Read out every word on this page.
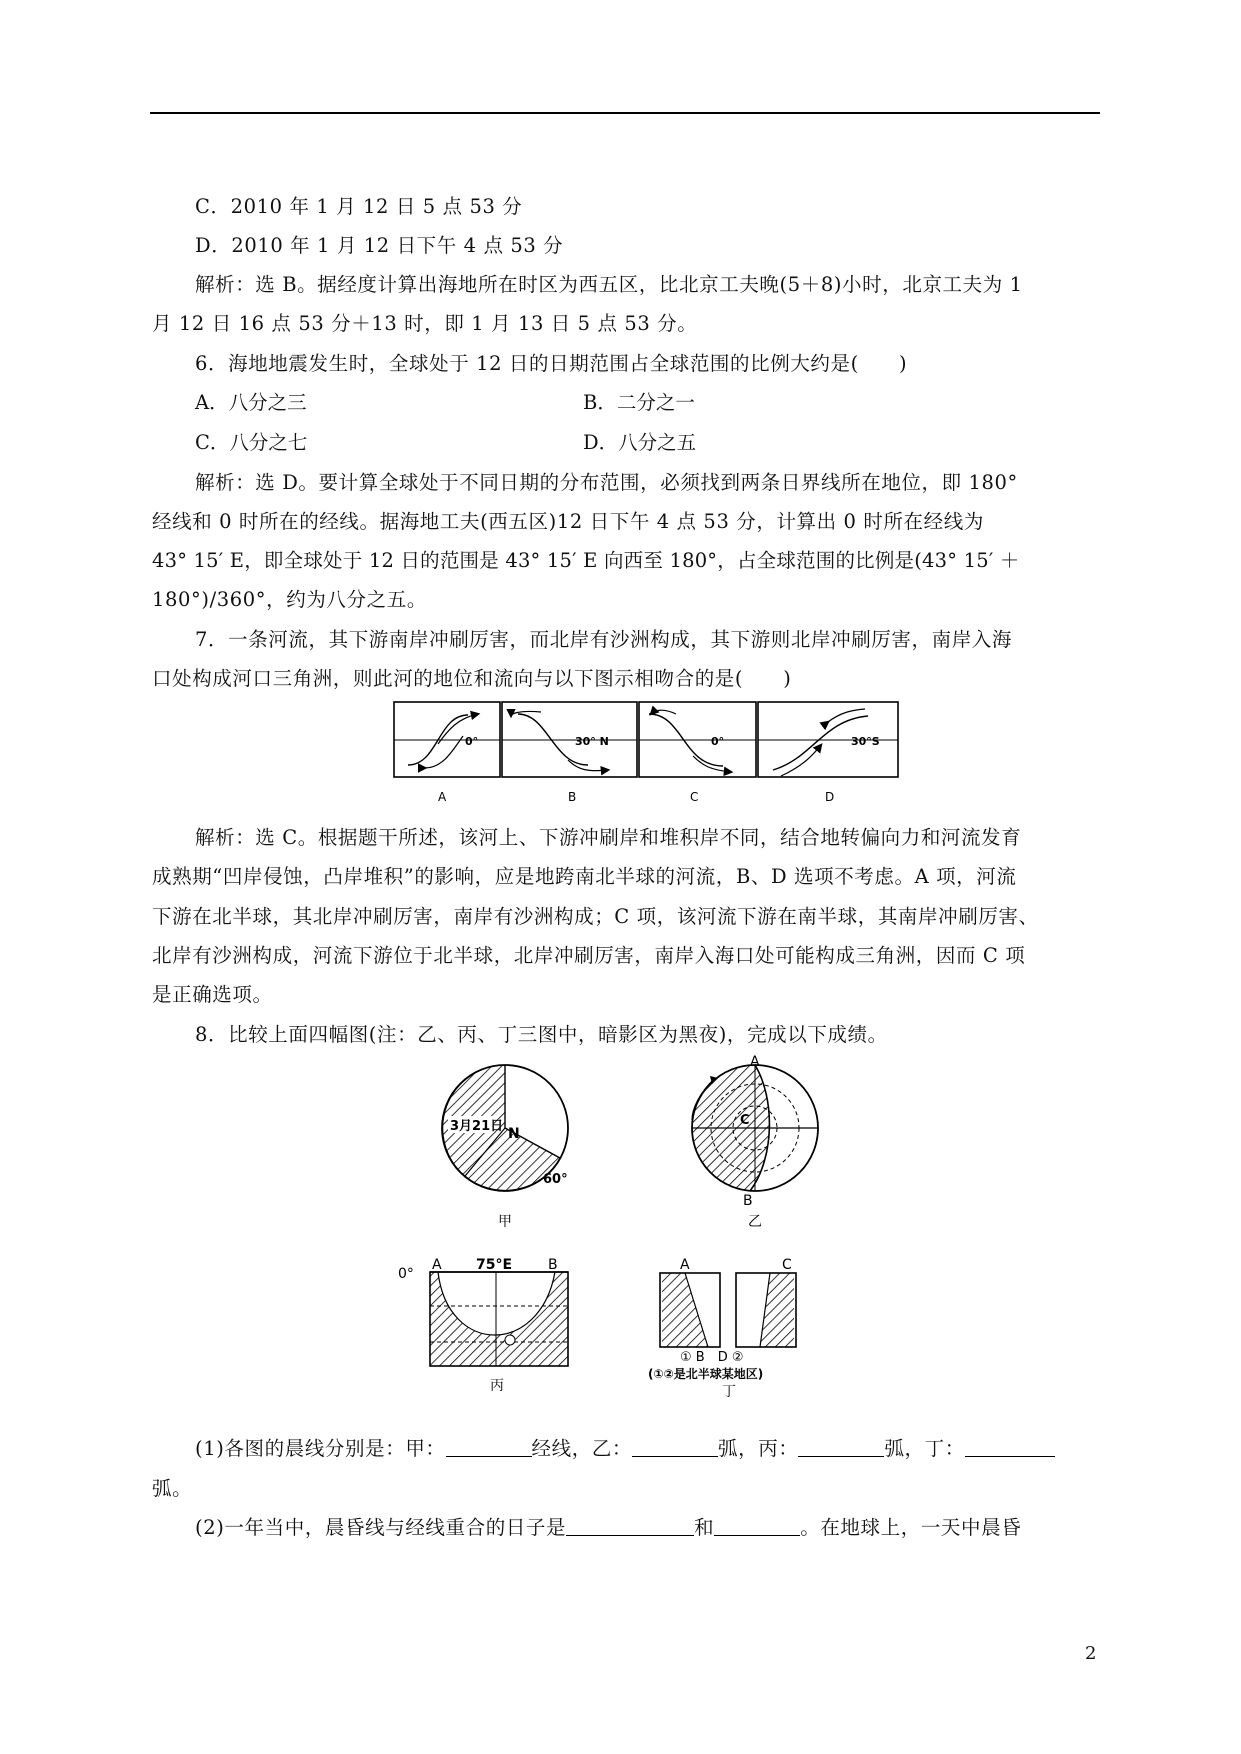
C．2010 年 1 月 12 日 5 点 53 分
D．2010 年 1 月 12 日下午 4 点 53 分
解析：选 B。据经度计算出海地所在时区为西五区，比北京工夫晚(5＋8)小时，北京工夫为 1
月 12 日 16 点 53 分＋13 时，即 1 月 13 日 5 点 53 分。
6．海地地震发生时，全球处于 12 日的日期范围占全球范围的比例大约是(　　)
A．八分之三	B．二分之一
C．八分之七	D．八分之五
解析：选 D。要计算全球处于不同日期的分布范围，必须找到两条日界线所在地位，即 180°
经线和 0 时所在的经线。据海地工夫(西五区)12 日下午 4 点 53 分，计算出 0 时所在经线为
43° 15′ E，即全球处于 12 日的范围是 43° 15′ E 向西至 180°，占全球范围的比例是(43° 15′ ＋
180°)/360°，约为八分之五。
7．一条河流，其下游南岸冲刷厉害，而北岸有沙洲构成，其下游则北岸冲刷厉害，南岸入海
口处构成河口三角洲，则此河的地位和流向与以下图示相吻合的是(　　)
0°
A
30° N
B
0°
C
30°S
D
解析：选 C。根据题干所述，该河上、下游冲刷岸和堆积岸不同，结合地转偏向力和河流发育
成熟期“凹岸侵蚀，凸岸堆积”的影响，应是地跨南北半球的河流，B、D 选项不考虑。A 项，河流
下游在北半球，其北岸冲刷厉害，南岸有沙洲构成；C 项，该河流下游在南半球，其南岸冲刷厉害、
北岸有沙洲构成，河流下游位于北半球，北岸冲刷厉害，南岸入海口处可能构成三角洲，因而 C 项
是正确选项。
8．比较上面四幅图(注：乙、丙、丁三图中，暗影区为黑夜)，完成以下成绩。
3月21日 N
60°
甲
A
C
B
乙
0°
A 75°E	B
丙
A	C
① B　D ②
(①②是北半球某地区)
丁
(1)各图的晨线分别是：甲：	经线，乙：	弧，丙：	弧，丁：
弧。
(2)一年当中，晨昏线与经线重合的日子是	和	。在地球上，一天中晨昏
2
